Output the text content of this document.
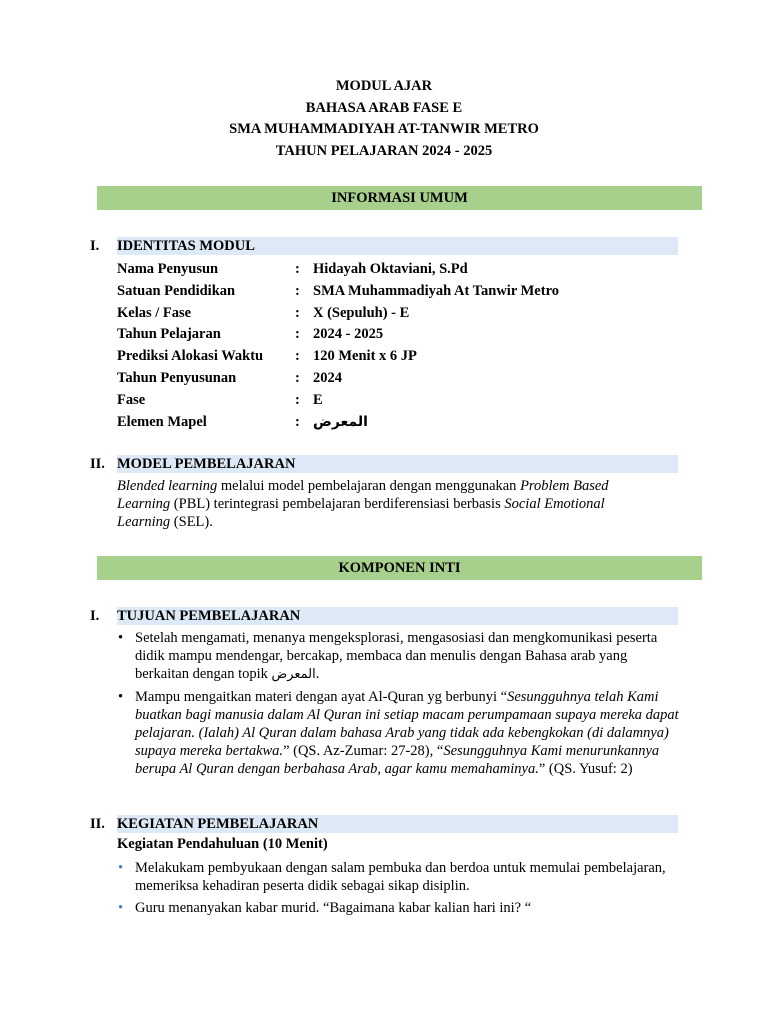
MODUL AJAR
BAHASA ARAB FASE E
SMA MUHAMMADIYAH AT-TANWIR METRO
TAHUN PELAJARAN 2024 - 2025
INFORMASI UMUM
I. IDENTITAS MODUL
Nama Penyusun	: Hidayah Oktaviani, S.Pd
Satuan Pendidikan	: SMA Muhammadiyah At Tanwir Metro
Kelas / Fase	: X (Sepuluh) - E
Tahun Pelajaran	: 2024 - 2025
Prediksi Alokasi Waktu : 120 Menit x 6 JP
Tahun Penyusunan	: 2024
Fase	: E
Elemen Mapel	: المعرض
II. MODEL PEMBELAJARAN
Blended learning melalui model pembelajaran dengan menggunakan Problem Based Learning (PBL) terintegrasi pembelajaran berdiferensiasi berbasis Social Emotional Learning (SEL).
KOMPONEN INTI
I. TUJUAN PEMBELAJARAN
• Setelah mengamati, menanya mengeksplorasi, mengasosiasi dan mengkomunikasi peserta didik mampu mendengar, bercakap, membaca dan menulis dengan Bahasa arab yang berkaitan dengan topik المعرض.
• Mampu mengaitkan materi dengan ayat Al-Quran yg berbunyi “Sesungguhnya telah Kami buatkan bagi manusia dalam Al Quran ini setiap macam perumpamaan supaya mereka dapat pelajaran. (Ialah) Al Quran dalam bahasa Arab yang tidak ada kebengkokan (di dalamnya) supaya mereka bertakwa.” (QS. Az-Zumar: 27-28), “Sesungguhnya Kami menurunkannya berupa Al Quran dengan berbahasa Arab, agar kamu memahaminya.” (QS. Yusuf: 2)
II. KEGIATAN PEMBELAJARAN
Kegiatan Pendahuluan (10 Menit)
• Melakukam pembyukaan dengan salam pembuka dan berdoa untuk memulai pembelajaran, memeriksa kehadiran peserta didik sebagai sikap disiplin.
• Guru menanyakan kabar murid. “Bagaimana kabar kalian hari ini? “
